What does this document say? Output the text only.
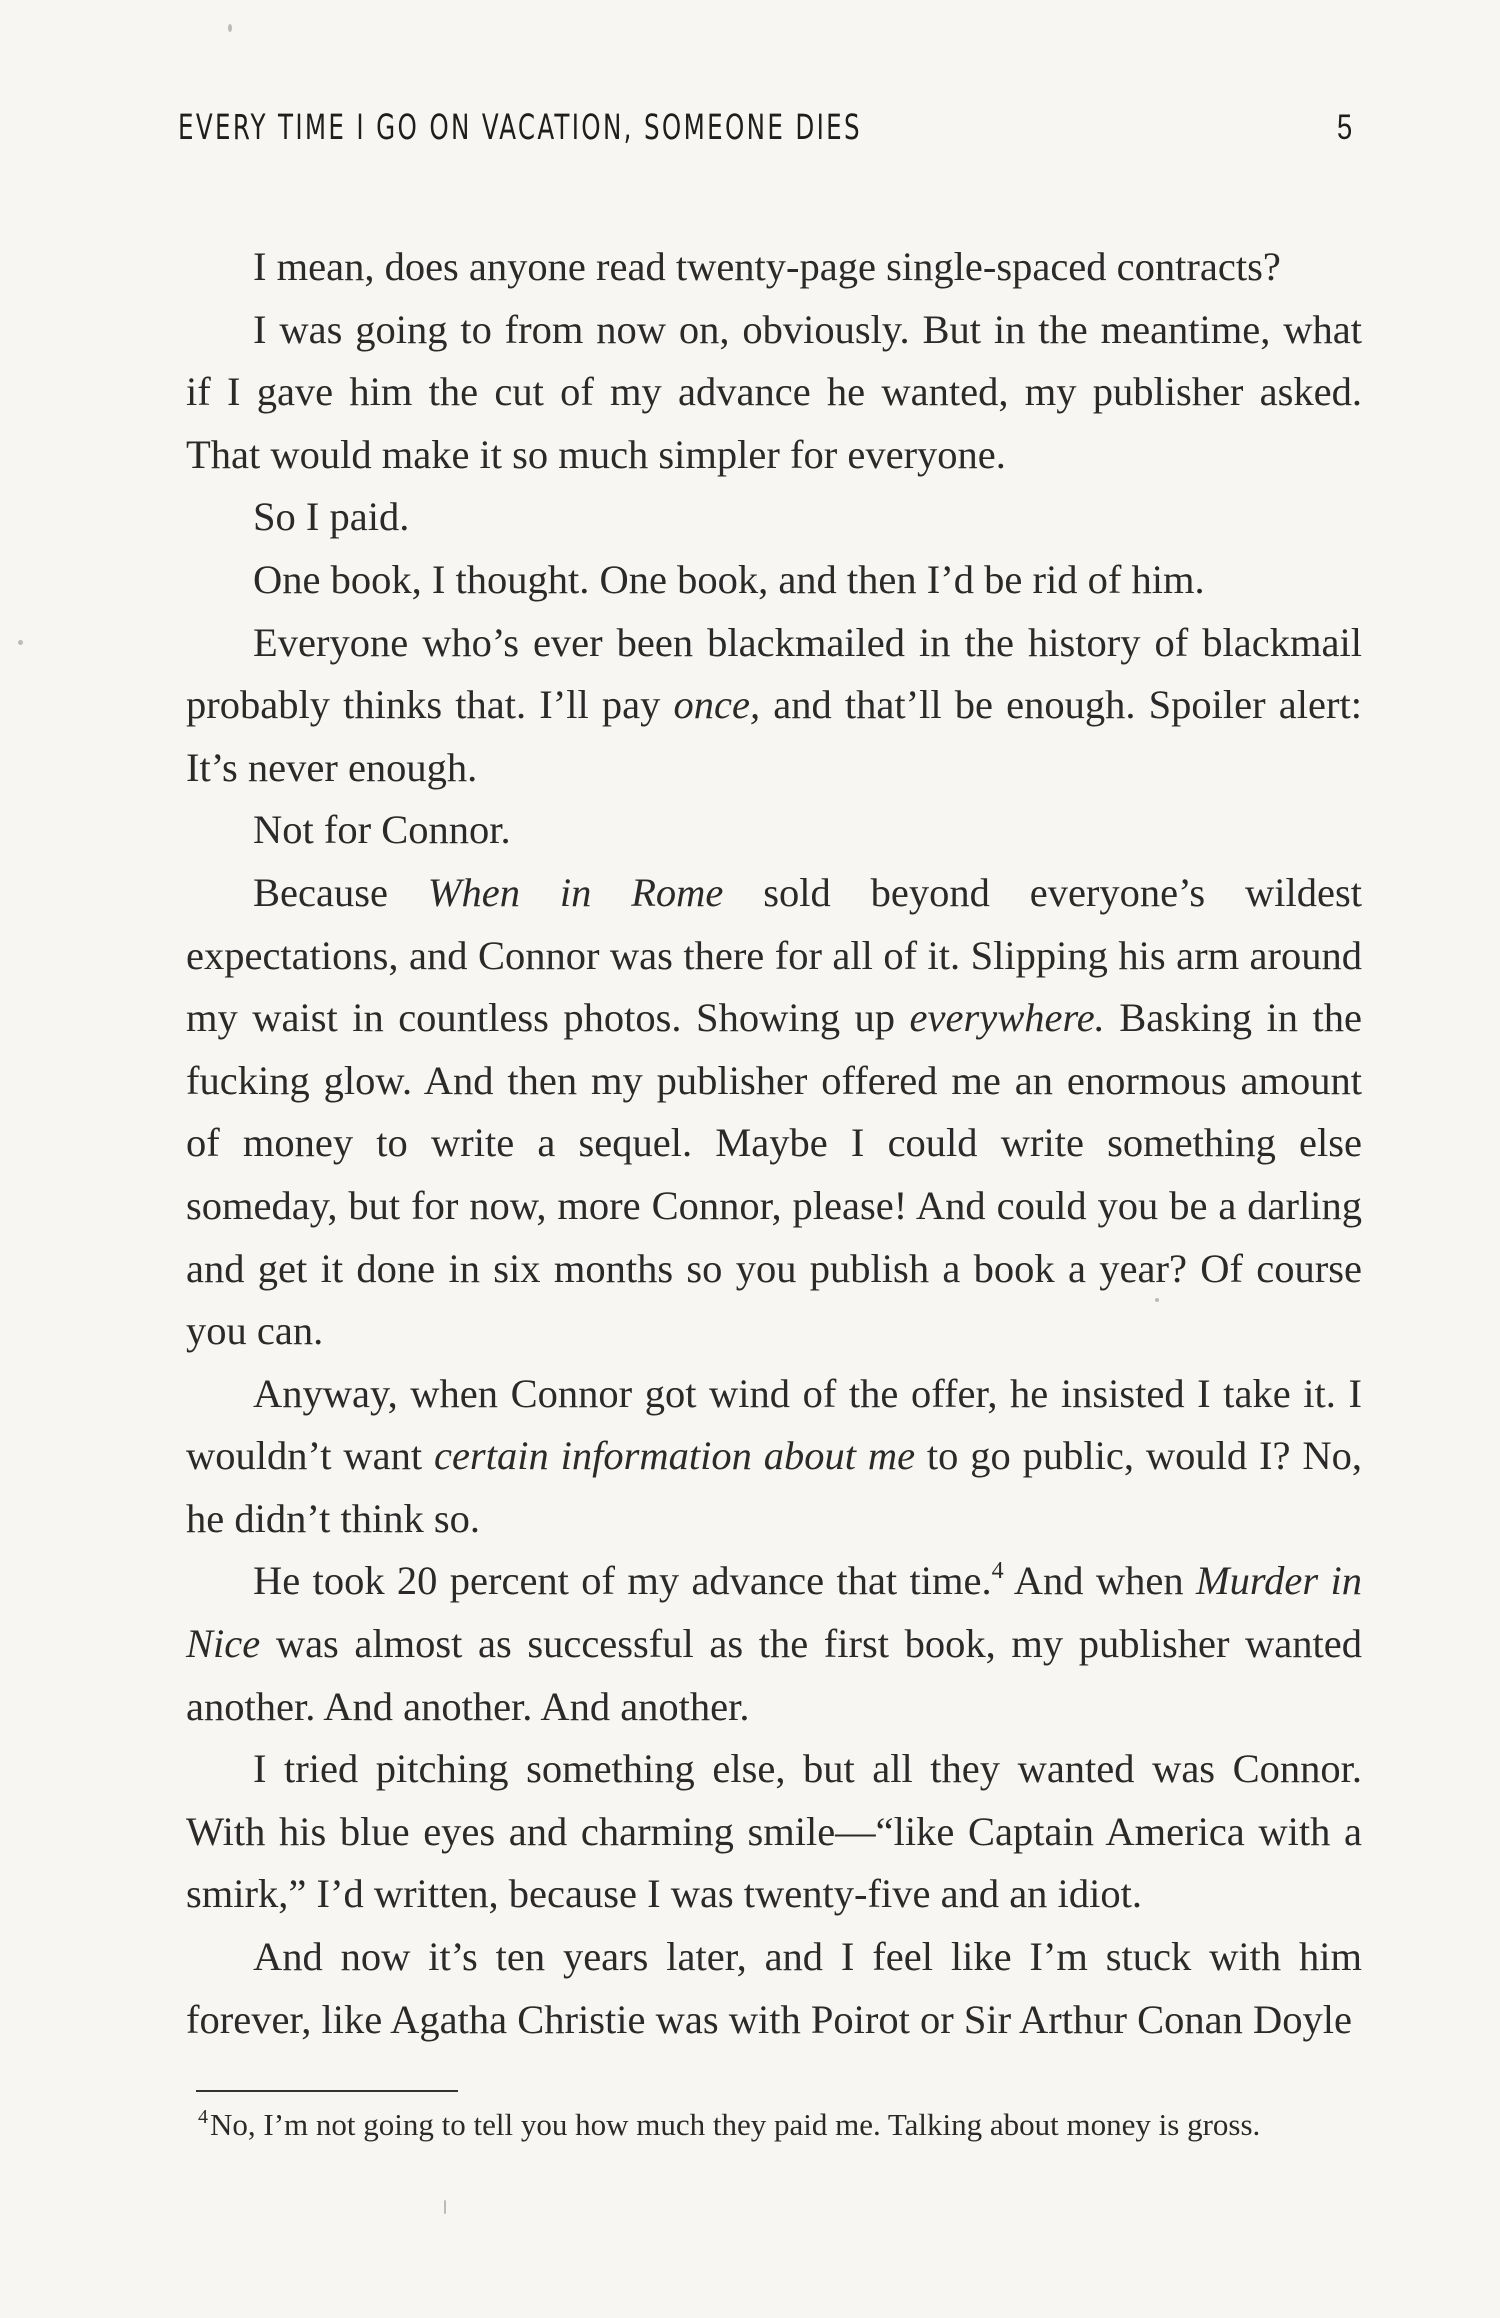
EVERY TIME I GO ON VACATION, SOMEONE DIES	5

I mean, does anyone read twenty-page single-spaced contracts?

I was going to from now on, obviously. But in the meantime, what if I gave him the cut of my advance he wanted, my publisher asked. That would make it so much simpler for everyone.

So I paid.

One book, I thought. One book, and then I’d be rid of him.

Everyone who’s ever been blackmailed in the history of blackmail probably thinks that. I’ll pay once, and that’ll be enough. Spoiler alert: It’s never enough.

Not for Connor.

Because When in Rome sold beyond everyone’s wildest expectations, and Connor was there for all of it. Slipping his arm around my waist in countless photos. Showing up everywhere. Basking in the fucking glow. And then my publisher offered me an enormous amount of money to write a sequel. Maybe I could write something else someday, but for now, more Connor, please! And could you be a darling and get it done in six months so you publish a book a year? Of course you can.

Anyway, when Connor got wind of the offer, he insisted I take it. I wouldn’t want certain information about me to go public, would I? No, he didn’t think so.

He took 20 percent of my advance that time.$^4$ And when Murder in Nice was almost as successful as the first book, my publisher wanted another. And another. And another.

I tried pitching something else, but all they wanted was Connor. With his blue eyes and charming smile—“like Captain America with a smirk,” I’d written, because I was twenty-five and an idiot.

And now it’s ten years later, and I feel like I’m stuck with him forever, like Agatha Christie was with Poirot or Sir Arthur Conan Doyle

$^4$No, I’m not going to tell you how much they paid me. Talking about money is gross.
